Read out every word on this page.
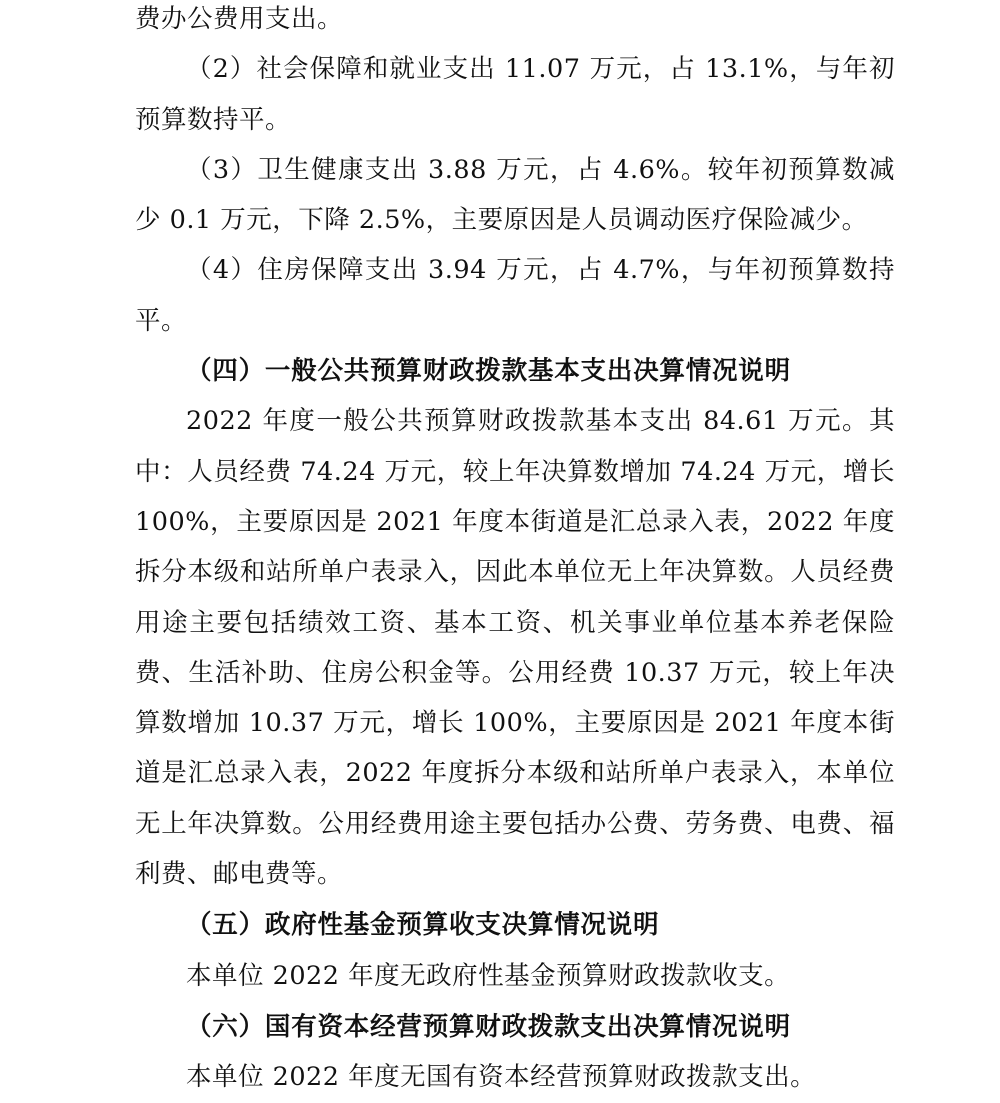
费办公费用支出。

（2）社会保障和就业支出 11.07 万元，占 13.1%，与年初预算数持平。

（3）卫生健康支出 3.88 万元，占 4.6%。较年初预算数减少 0.1 万元，下降 2.5%，主要原因是人员调动医疗保险减少。

（4）住房保障支出 3.94 万元，占 4.7%，与年初预算数持平。

（四）一般公共预算财政拨款基本支出决算情况说明

2022 年度一般公共预算财政拨款基本支出 84.61 万元。其中：人员经费 74.24 万元，较上年决算数增加 74.24 万元，增长 100%，主要原因是 2021 年度本街道是汇总录入表，2022 年度拆分本级和站所单户表录入，因此本单位无上年决算数。人员经费用途主要包括绩效工资、基本工资、机关事业单位基本养老保险费、生活补助、住房公积金等。公用经费 10.37 万元，较上年决算数增加 10.37 万元，增长 100%，主要原因是 2021 年度本街道是汇总录入表，2022 年度拆分本级和站所单户表录入，本单位无上年决算数。公用经费用途主要包括办公费、劳务费、电费、福利费、邮电费等。

（五）政府性基金预算收支决算情况说明

本单位 2022 年度无政府性基金预算财政拨款收支。

（六）国有资本经营预算财政拨款支出决算情况说明

本单位 2022 年度无国有资本经营预算财政拨款支出。
